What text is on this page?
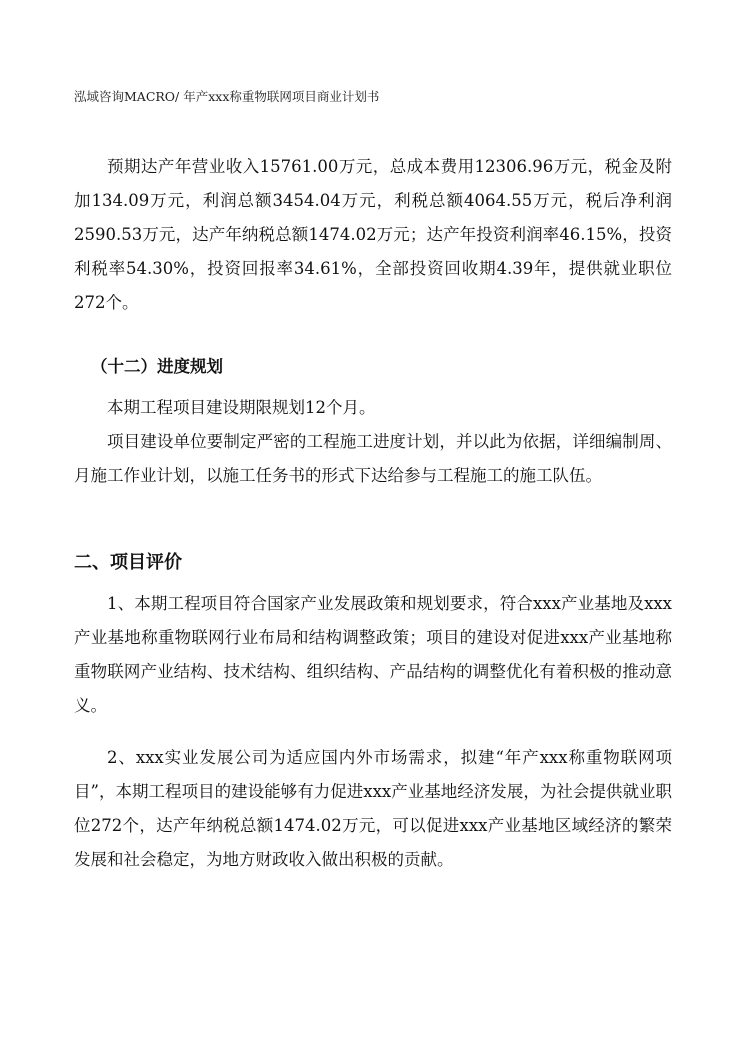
泓域咨询MACRO/ 年产xxx称重物联网项目商业计划书

预期达产年营业收入15761.00万元，总成本费用12306.96万元，税金及附加134.09万元，利润总额3454.04万元，利税总额4064.55万元，税后净利润2590.53万元，达产年纳税总额1474.02万元；达产年投资利润率46.15%，投资利税率54.30%，投资回报率34.61%，全部投资回收期4.39年，提供就业职位272个。

（十二）进度规划

本期工程项目建设期限规划12个月。

项目建设单位要制定严密的工程施工进度计划，并以此为依据，详细编制周、月施工作业计划，以施工任务书的形式下达给参与工程施工的施工队伍。

二、项目评价

1、本期工程项目符合国家产业发展政策和规划要求，符合xxx产业基地及xxx产业基地称重物联网行业布局和结构调整政策；项目的建设对促进xxx产业基地称重物联网产业结构、技术结构、组织结构、产品结构的调整优化有着积极的推动意义。

2、xxx实业发展公司为适应国内外市场需求，拟建“年产xxx称重物联网项目”，本期工程项目的建设能够有力促进xxx产业基地经济发展，为社会提供就业职位272个，达产年纳税总额1474.02万元，可以促进xxx产业基地区域经济的繁荣发展和社会稳定，为地方财政收入做出积极的贡献。
